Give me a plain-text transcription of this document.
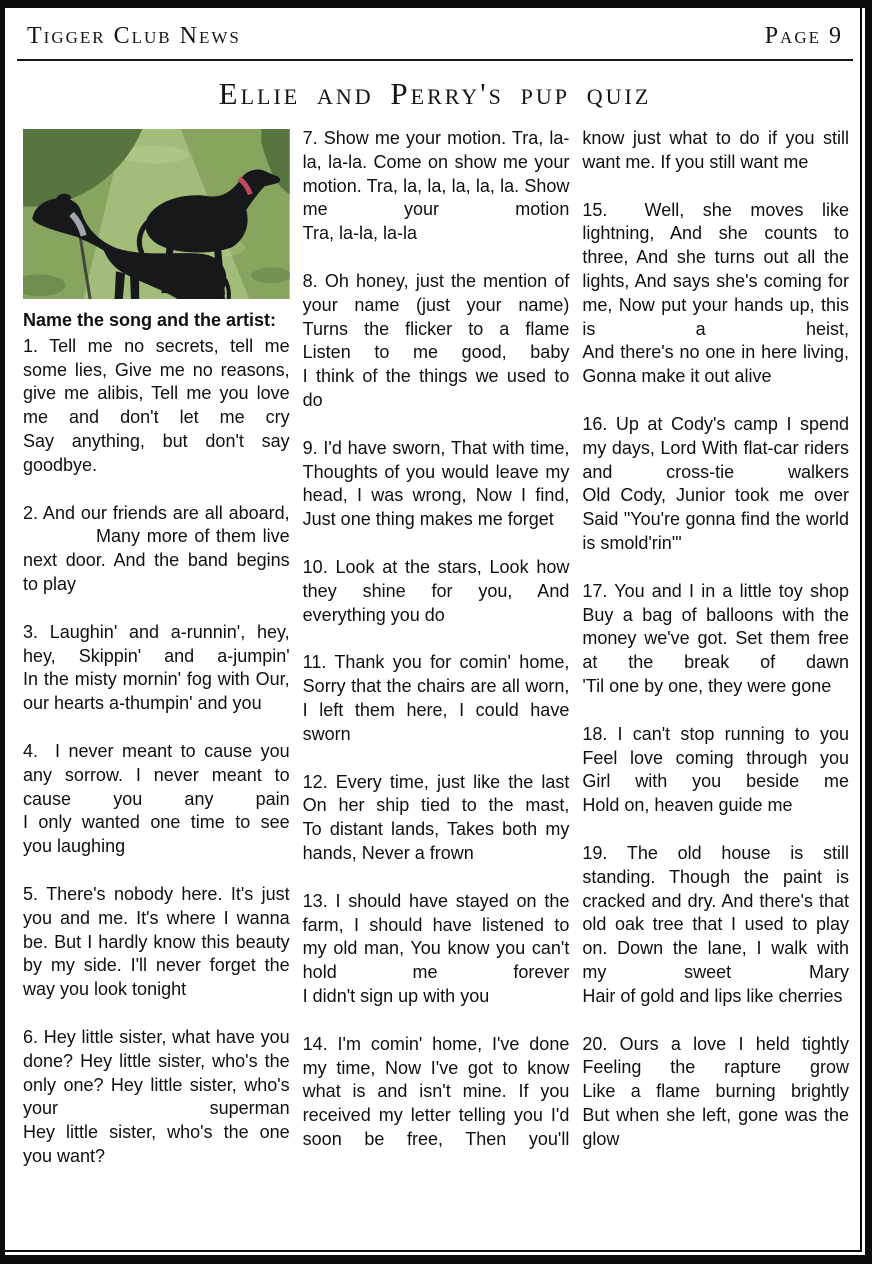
Tigger Club News	Page 9
Ellie and Perry's pup quiz

Name the song and the artist:

1. Tell me no secrets, tell me some lies, Give me no reasons, give me alibis, Tell me you love me and don't let me cry
Say anything, but don't say goodbye.

2. And our friends are all aboard,            Many more of them live next door. And the band begins to play

3. Laughin' and a-runnin', hey, hey, Skippin' and a-jumpin'
In the misty mornin' fog with Our, our hearts a-thumpin' and you

4.  I never meant to cause you any sorrow. I never meant to cause you any pain
I only wanted one time to see you laughing

5. There's nobody here. It's just you and me. It's where I wanna be. But I hardly know this beauty by my side. I'll never forget the way you look tonight

6. Hey little sister, what have you done? Hey little sister, who's the only one? Hey little sister, who's your superman
Hey little sister, who's the one you want?

7. Show me your motion. Tra, la-la, la-la. Come on show me your motion. Tra, la, la, la, la, la. Show me your motion
Tra, la-la, la-la

8. Oh honey, just the mention of your name (just your name)
Turns the flicker to a flame
Listen to me good, baby
I think of the things we used to do

9. I'd have sworn, That with time, Thoughts of you would leave my head, I was wrong, Now I find, Just one thing makes me forget

10. Look at the stars, Look how they shine for you, And everything you do

11. Thank you for comin' home, Sorry that the chairs are all worn, I left them here, I could have sworn

12. Every time, just like the last
On her ship tied to the mast,
To distant lands, Takes both my hands, Never a frown

13. I should have stayed on the farm, I should have listened to my old man, You know you can't hold me forever
I didn't sign up with you

14. I'm comin' home, I've done my time, Now I've got to know what is and isn't mine. If you received my letter telling you I'd soon be free, Then you'll

know just what to do if you still want me. If you still want me

15.  Well, she moves like lightning, And she counts to three, And she turns out all the lights, And says she's coming for me, Now put your hands up, this is a heist,
And there's no one in here living, Gonna make it out alive

16. Up at Cody's camp I spend my days, Lord With flat-car riders and cross-tie walkers
Old Cody, Junior took me over
Said "You're gonna find the world is smold'rin'"

17. You and I in a little toy shop
Buy a bag of balloons with the money we've got. Set them free at the break of dawn
'Til one by one, they were gone

18. I can't stop running to you
Feel love coming through you
Girl with you beside me
Hold on, heaven guide me

19. The old house is still standing. Though the paint is cracked and dry. And there's that old oak tree that I used to play on. Down the lane, I walk with my sweet Mary
Hair of gold and lips like cherries

20. Ours a love I held tightly
Feeling the rapture grow
Like a flame burning brightly
But when she left, gone was the glow
